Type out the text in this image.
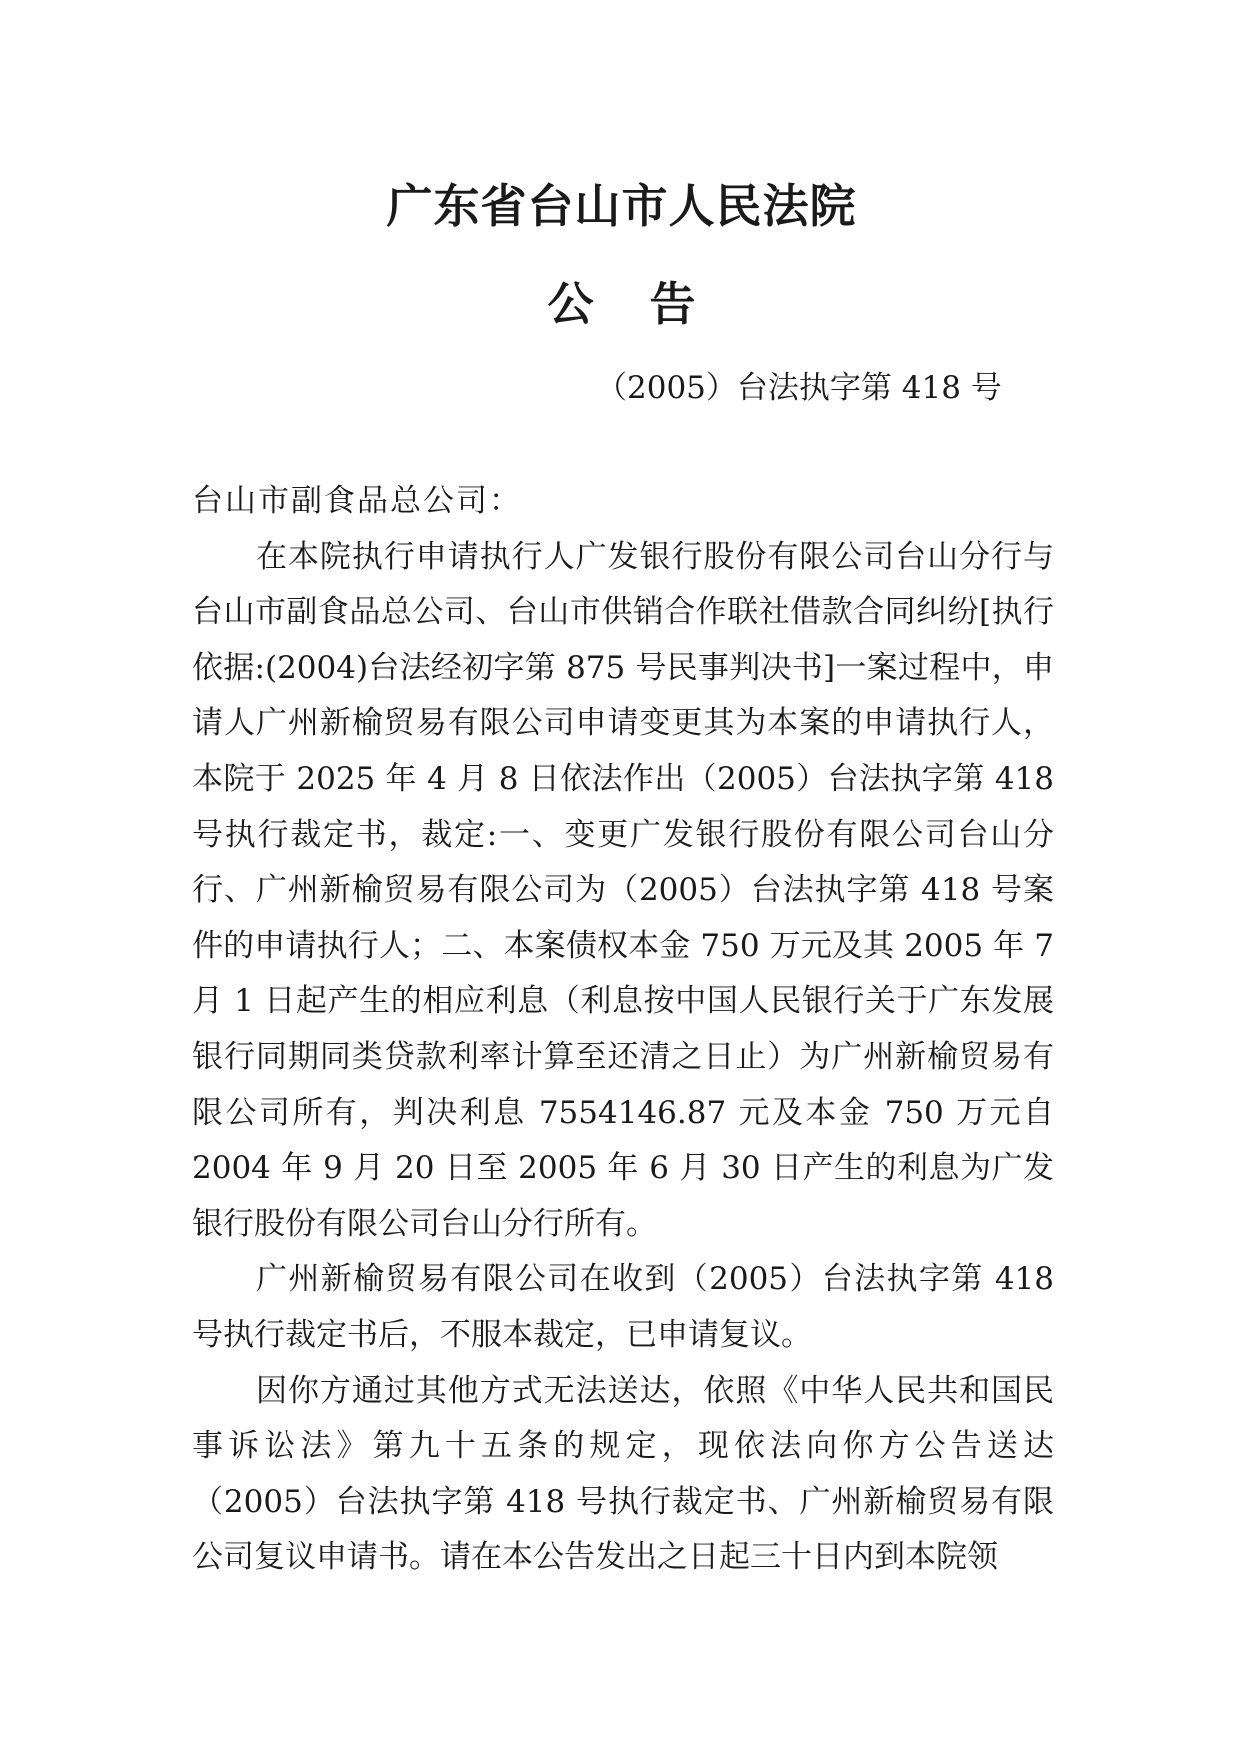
广东省台山市人民法院
公告
（2005）台法执字第 418 号

台山市副食品总公司：

在本院执行申请执行人广发银行股份有限公司台山分行与台山市副食品总公司、台山市供销合作联社借款合同纠纷[执行依据:(2004)台法经初字第 875 号民事判决书]一案过程中，申请人广州新榆贸易有限公司申请变更其为本案的申请执行人，本院于 2025 年 4 月 8 日依法作出（2005）台法执字第 418 号执行裁定书，裁定:一、变更广发银行股份有限公司台山分行、广州新榆贸易有限公司为（2005）台法执字第 418 号案件的申请执行人；二、本案债权本金 750 万元及其 2005 年 7 月 1 日起产生的相应利息（利息按中国人民银行关于广东发展银行同期同类贷款利率计算至还清之日止）为广州新榆贸易有限公司所有，判决利息 7554146.87 元及本金 750 万元自 2004 年 9 月 20 日至 2005 年 6 月 30 日产生的利息为广发银行股份有限公司台山分行所有。

广州新榆贸易有限公司在收到（2005）台法执字第 418 号执行裁定书后，不服本裁定，已申请复议。

因你方通过其他方式无法送达，依照《中华人民共和国民事诉讼法》第九十五条的规定，现依法向你方公告送达（2005）台法执字第 418 号执行裁定书、广州新榆贸易有限公司复议申请书。请在本公告发出之日起三十日内到本院领
